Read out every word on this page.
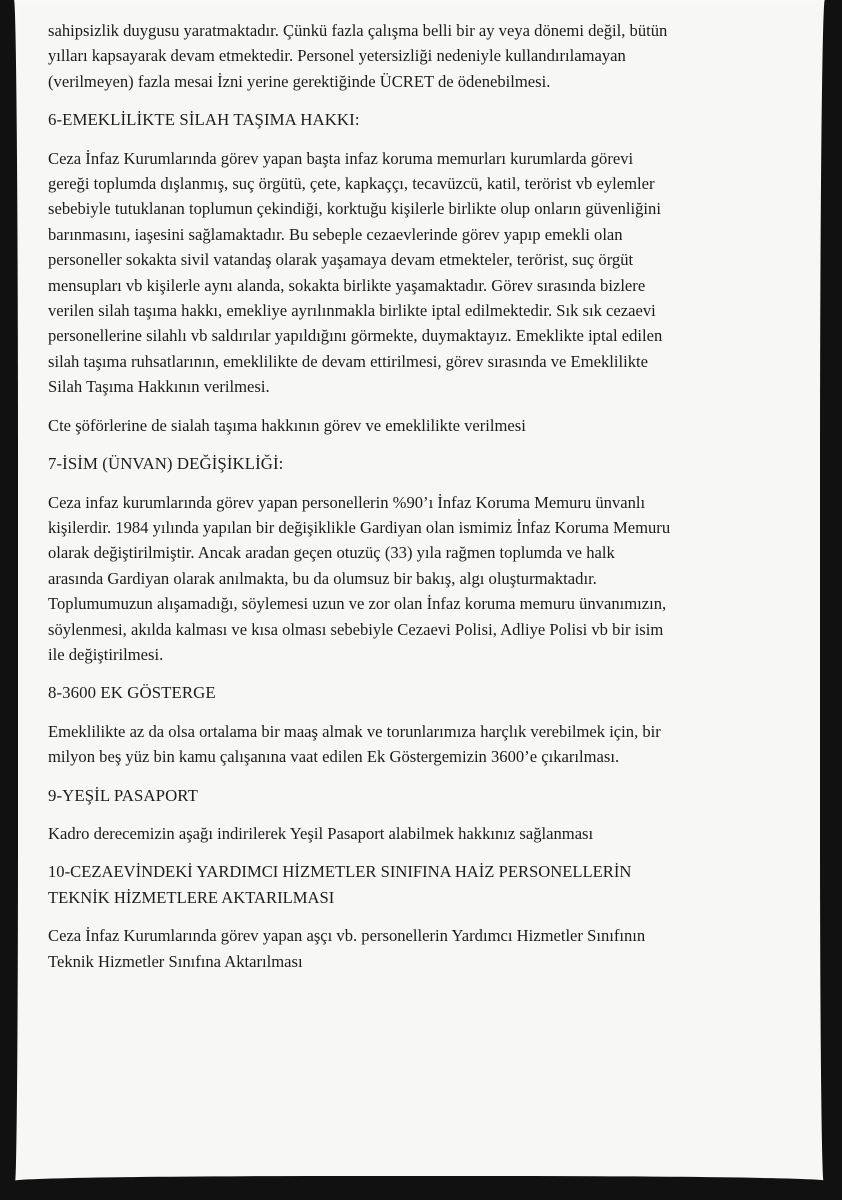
sahipsizlik duygusu yaratmaktadır. Çünkü fazla çalışma belli bir ay veya dönemi değil, bütün

yılları kapsayarak devam etmektedir. Personel yetersizliği nedeniyle kullandırılamayan

(verilmeyen) fazla mesai İzni yerine gerektiğinde ÜCRET de ödenebilmesi.

6-EMEKLİLİKTE SİLAH TAŞIMA HAKKI:

Ceza İnfaz Kurumlarında görev yapan başta infaz koruma memurları kurumlarda görevi

gereği toplumda dışlanmış, suç örgütü, çete, kapkaççı, tecavüzcü, katil, terörist vb eylemler

sebebiyle tutuklanan toplumun çekindiği, korktuğu kişilerle birlikte olup onların güvenliğini

barınmasını, iaşesini sağlamaktadır. Bu sebeple cezaevlerinde görev yapıp emekli olan

personeller sokakta sivil vatandaş olarak yaşamaya devam etmekteler, terörist, suç örgüt

mensupları vb kişilerle aynı alanda, sokakta birlikte yaşamaktadır. Görev sırasında bizlere

verilen silah taşıma hakkı, emekliye ayrılınmakla birlikte iptal edilmektedir. Sık sık cezaevi

personellerine silahlı vb saldırılar yapıldığını görmekte, duymaktayız. Emeklikte iptal edilen

silah taşıma ruhsatlarının, emeklilikte de devam ettirilmesi, görev sırasında ve Emeklilikte

Silah Taşıma Hakkının verilmesi.

Cte şöförlerine de sialah taşıma hakkının görev ve emeklilikte verilmesi

7-İSİM (ÜNVAN) DEĞİŞİKLİĞİ:

Ceza infaz kurumlarında görev yapan personellerin %90’ı İnfaz Koruma Memuru ünvanlı

kişilerdir. 1984 yılında yapılan bir değişiklikle Gardiyan olan ismimiz İnfaz Koruma Memuru

olarak değiştirilmiştir. Ancak aradan geçen otuzüç (33) yıla rağmen toplumda ve halk

arasında Gardiyan olarak anılmakta, bu da olumsuz bir bakış, algı oluşturmaktadır.

Toplumumuzun alışamadığı, söylemesi uzun ve zor olan İnfaz koruma memuru ünvanımızın,

söylenmesi, akılda kalması ve kısa olması sebebiyle Cezaevi Polisi, Adliye Polisi vb bir isim

ile değiştirilmesi.

8-3600 EK GÖSTERGE

Emeklilikte az da olsa ortalama bir maaş almak ve torunlarımıza harçlık verebilmek için, bir

milyon beş yüz bin kamu çalışanına vaat edilen Ek Göstergemizin 3600’e çıkarılması.

9-YEŞİL PASAPORT

Kadro derecemizin aşağı indirilerek Yeşil Pasaport alabilmek hakkınız sağlanması

10-CEZAEVİNDEKİ YARDIMCI HİZMETLER SINIFINA HAİZ PERSONELLERİN

TEKNİK HİZMETLERE AKTARILMASI

Ceza İnfaz Kurumlarında görev yapan aşçı vb. personellerin Yardımcı Hizmetler Sınıfının

Teknik Hizmetler Sınıfına Aktarılması
